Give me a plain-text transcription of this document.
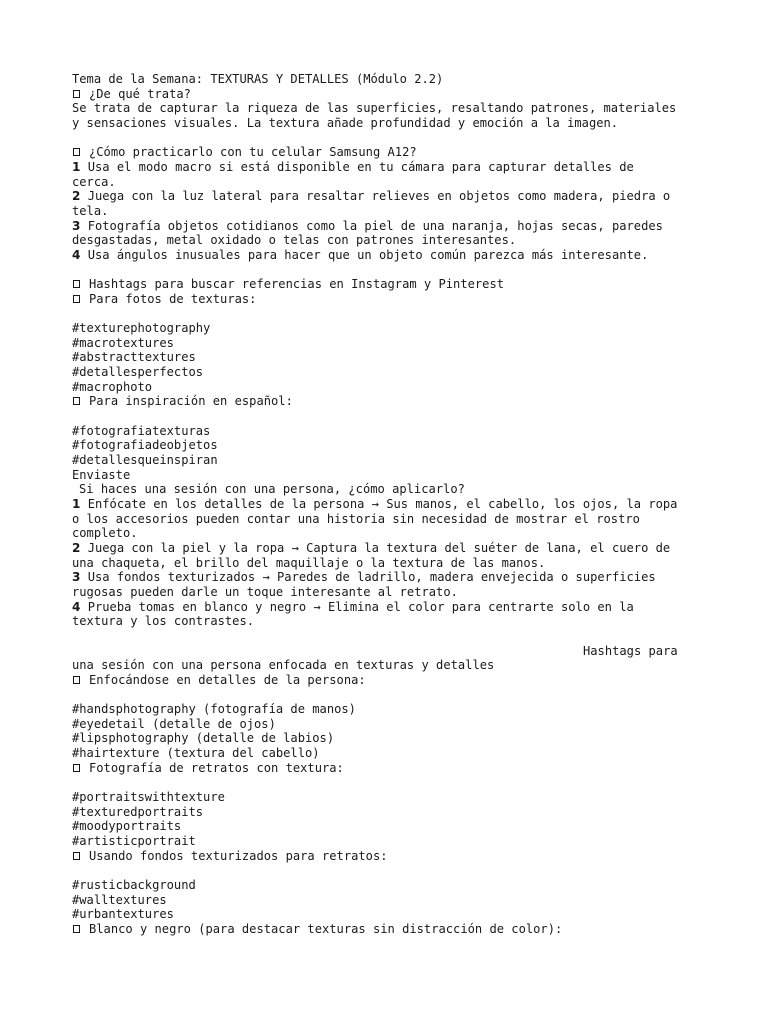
Tema de la Semana: TEXTURAS Y DETALLES (Módulo 2.2)
¿De qué trata?
Se trata de capturar la riqueza de las superficies, resaltando patrones, materiales
y sensaciones visuales. La textura añade profundidad y emoción a la imagen.
¿Cómo practicarlo con tu celular Samsung A12?
1 Usa el modo macro si está disponible en tu cámara para capturar detalles de
cerca.
2 Juega con la luz lateral para resaltar relieves en objetos como madera, piedra o
tela.
3 Fotografía objetos cotidianos como la piel de una naranja, hojas secas, paredes
desgastadas, metal oxidado o telas con patrones interesantes.
4 Usa ángulos inusuales para hacer que un objeto común parezca más interesante.
Hashtags para buscar referencias en Instagram y Pinterest
Para fotos de texturas:
#texturephotography
#macrotextures
#abstracttextures
#detallesperfectos
#macrophoto
Para inspiración en español:
#fotografiatexturas
#fotografiadeobjetos
#detallesqueinspiran
Enviaste
Si haces una sesión con una persona, ¿cómo aplicarlo?
1 Enfócate en los detalles de la persona → Sus manos, el cabello, los ojos, la ropa
o los accesorios pueden contar una historia sin necesidad de mostrar el rostro
completo.
2 Juega con la piel y la ropa → Captura la textura del suéter de lana, el cuero de
una chaqueta, el brillo del maquillaje o la textura de las manos.
3 Usa fondos texturizados → Paredes de ladrillo, madera envejecida o superficies
rugosas pueden darle un toque interesante al retrato.
4 Prueba tomas en blanco y negro → Elimina el color para centrarte solo en la
textura y los contrastes.
Hashtags para
una sesión con una persona enfocada en texturas y detalles
Enfocándose en detalles de la persona:
#handsphotography (fotografía de manos)
#eyedetail (detalle de ojos)
#lipsphotography (detalle de labios)
#hairtexture (textura del cabello)
Fotografía de retratos con textura:
#portraitswithtexture
#texturedportraits
#moodyportraits
#artisticportrait
Usando fondos texturizados para retratos:
#rusticbackground
#walltextures
#urbantextures
Blanco y negro (para destacar texturas sin distracción de color):
